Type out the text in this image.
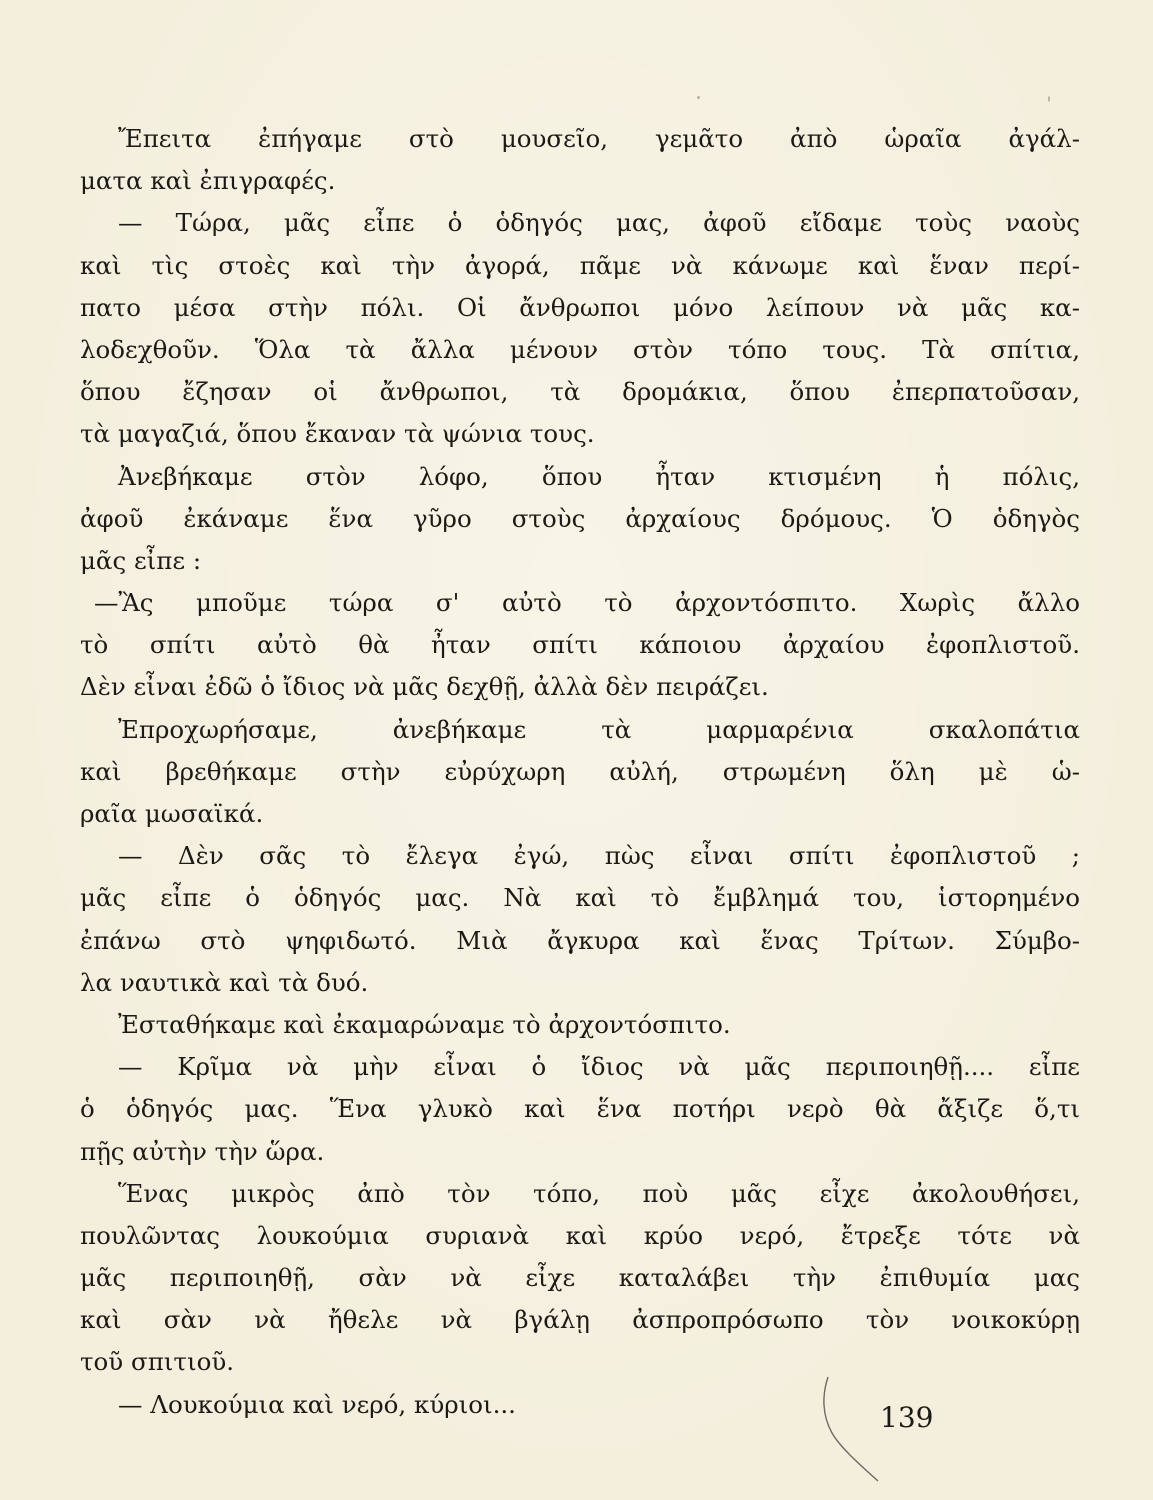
Ἔπειτα ἐπήγαμε στὸ μουσεῖο, γεμᾶτο ἀπὸ ὡραῖα ἀγάλ-
ματα καὶ ἐπιγραφές.
— Τώρα, μᾶς εἶπε ὁ ὁδηγός μας, ἀφοῦ εἴδαμε τοὺς ναοὺς
καὶ τὶς στοὲς καὶ τὴν ἀγορά, πᾶμε νὰ κάνωμε καὶ ἕναν περί-
πατο μέσα στὴν πόλι. Οἱ ἄνθρωποι μόνο λείπουν νὰ μᾶς κα-
λοδεχθοῦν. Ὅλα τὰ ἄλλα μένουν στὸν τόπο τους. Τὰ σπίτια,
ὅπου ἔζησαν οἱ ἄνθρωποι, τὰ δρομάκια, ὅπου ἐπερπατοῦσαν,
τὰ μαγαζιά, ὅπου ἔκαναν τὰ ψώνια τους.
Ἀνεβήκαμε στὸν λόφο, ὅπου ἦταν κτισμένη ἡ πόλις,
ἀφοῦ ἐκάναμε ἕνα γῦρο στοὺς ἀρχαίους δρόμους. Ὁ ὁδηγὸς
μᾶς εἶπε :
—Ἂς μποῦμε τώρα σ' αὐτὸ τὸ ἀρχοντόσπιτο. Χωρὶς ἄλλο
τὸ σπίτι αὐτὸ θὰ ἦταν σπίτι κάποιου ἀρχαίου ἐφοπλιστοῦ.
Δὲν εἶναι ἐδῶ ὁ ἴδιος νὰ μᾶς δεχθῇ, ἀλλὰ δὲν πειράζει.
Ἐπροχωρήσαμε, ἀνεβήκαμε τὰ μαρμαρένια σκαλοπάτια
καὶ βρεθήκαμε στὴν εὐρύχωρη αὐλή, στρωμένη ὅλη μὲ ὡ-
ραῖα μωσαϊκά.
— Δὲν σᾶς τὸ ἔλεγα ἐγώ, πὼς εἶναι σπίτι ἐφοπλιστοῦ ;
μᾶς εἶπε ὁ ὁδηγός μας. Νὰ καὶ τὸ ἔμβλημά του, ἱστορημένο
ἐπάνω στὸ ψηφιδωτό. Μιὰ ἄγκυρα καὶ ἕνας Τρίτων. Σύμβο-
λα ναυτικὰ καὶ τὰ δυό.
Ἐσταθήκαμε καὶ ἐκαμαρώναμε τὸ ἀρχοντόσπιτο.
— Κρῖμα νὰ μὴν εἶναι ὁ ἴδιος νὰ μᾶς περιποιηθῇ.... εἶπε
ὁ ὁδηγός μας. Ἕνα γλυκὸ καὶ ἕνα ποτήρι νερὸ θὰ ἄξιζε ὅ,τι
πῇς αὐτὴν τὴν ὥρα.
Ἕνας μικρὸς ἀπὸ τὸν τόπο, ποὺ μᾶς εἶχε ἀκολουθήσει,
πουλῶντας λουκούμια συριανὰ καὶ κρύο νερό, ἔτρεξε τότε νὰ
μᾶς περιποιηθῇ, σὰν νὰ εἶχε καταλάβει τὴν ἐπιθυμία μας
καὶ σὰν νὰ ἤθελε νὰ βγάλῃ ἀσπροπρόσωπο τὸν νοικοκύρῃ
τοῦ σπιτιοῦ.
— Λουκούμια καὶ νερό, κύριοι...	139
